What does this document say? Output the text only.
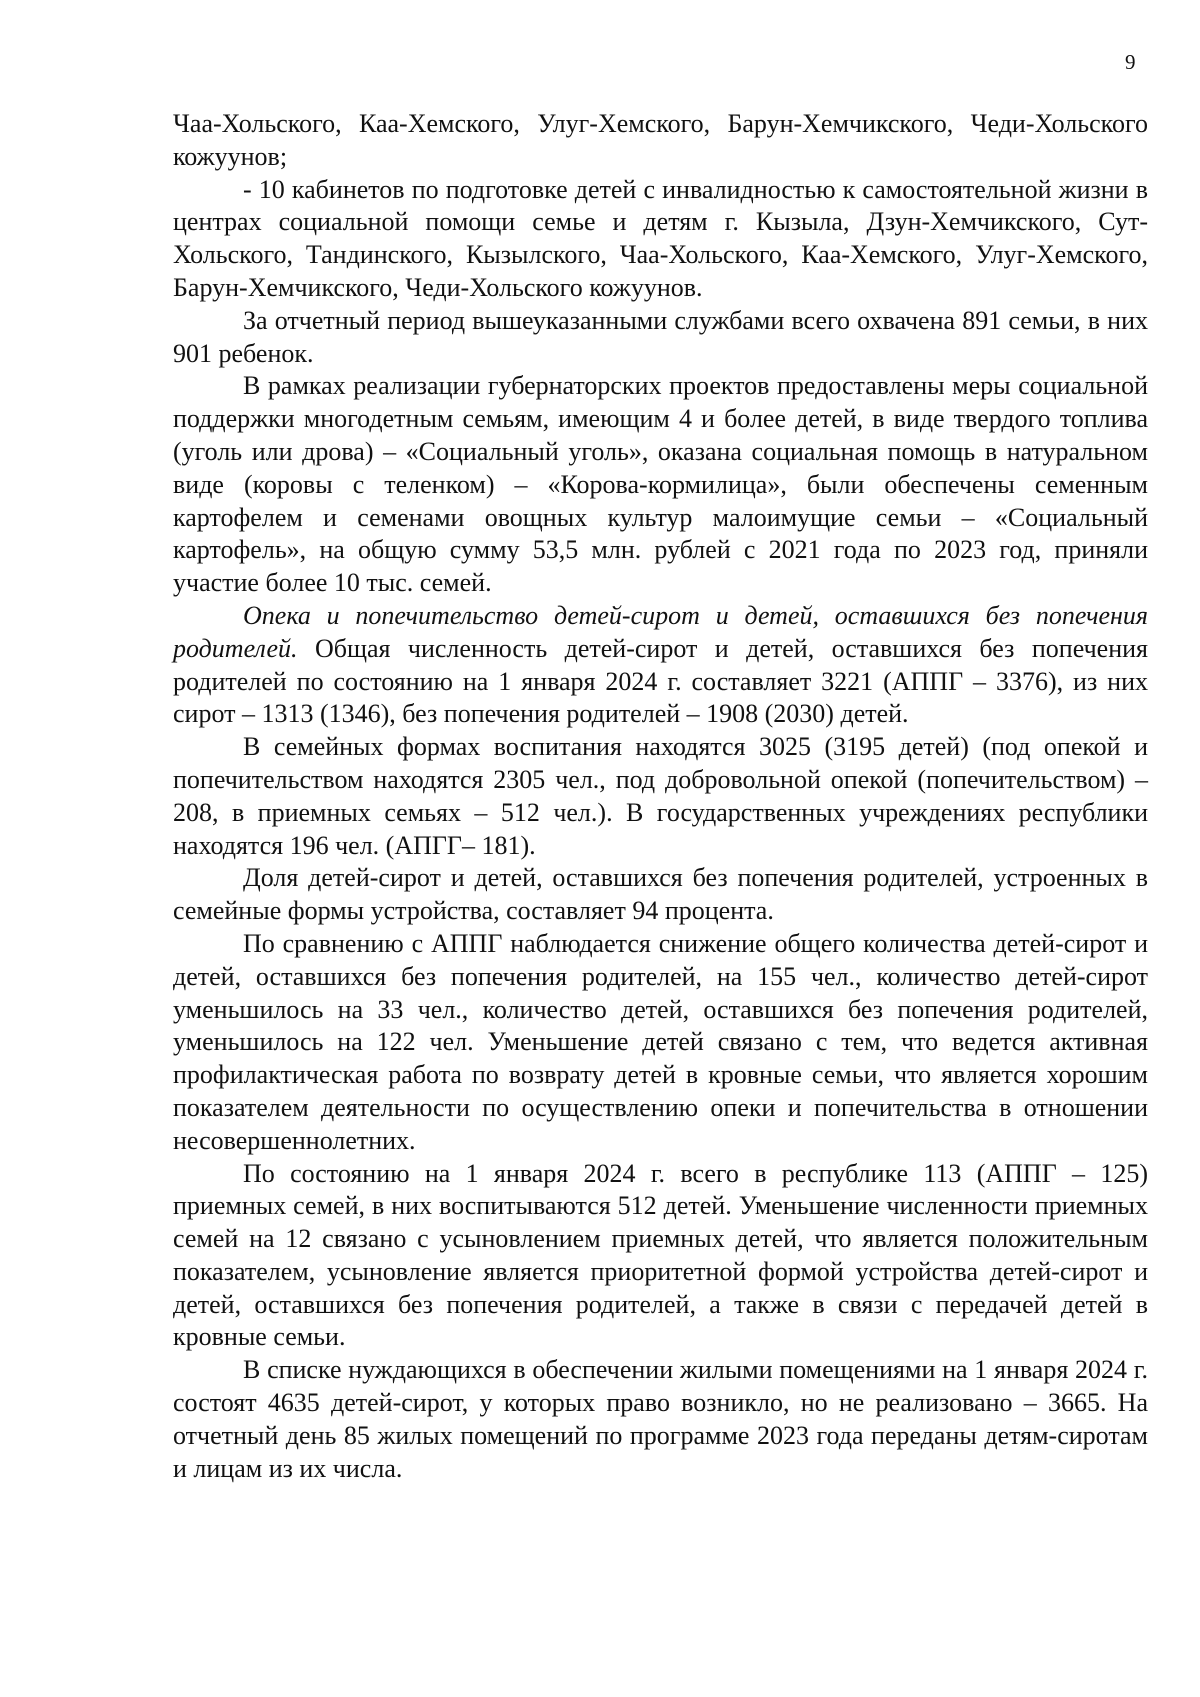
9

Чаа-Хольского, Каа-Хемского, Улуг-Хемского, Барун-Хемчикского, Чеди-Хольского кожуунов;

- 10 кабинетов по подготовке детей с инвалидностью к самостоятельной жизни в центрах социальной помощи семье и детям г. Кызыла, Дзун-Хемчикского, Сут-Хольского, Тандинского, Кызылского, Чаа-Хольского, Каа-Хемского, Улуг-Хемского, Барун-Хемчикского, Чеди-Хольского кожуунов.

За отчетный период вышеуказанными службами всего охвачена 891 семьи, в них 901 ребенок.

В рамках реализации губернаторских проектов предоставлены меры социальной поддержки многодетным семьям, имеющим 4 и более детей, в виде твердого топлива (уголь или дрова) – «Социальный уголь», оказана социальная помощь в натуральном виде (коровы с теленком) – «Корова-кормилица», были обеспечены семенным картофелем и семенами овощных культур малоимущие семьи – «Социальный картофель», на общую сумму 53,5 млн. рублей с 2021 года по 2023 год, приняли участие более 10 тыс. семей.

Опека и попечительство детей-сирот и детей, оставшихся без попечения родителей. Общая численность детей-сирот и детей, оставшихся без попечения родителей по состоянию на 1 января 2024 г. составляет 3221 (АППГ – 3376), из них сирот – 1313 (1346), без попечения родителей – 1908 (2030) детей.

В семейных формах воспитания находятся 3025 (3195 детей) (под опекой и попечительством находятся 2305 чел., под добровольной опекой (попечительством) – 208, в приемных семьях – 512 чел.). В государственных учреждениях республики находятся 196 чел. (АПГГ– 181).

Доля детей-сирот и детей, оставшихся без попечения родителей, устроенных в семейные формы устройства, составляет 94 процента.

По сравнению с АППГ наблюдается снижение общего количества детей-сирот и детей, оставшихся без попечения родителей, на 155 чел., количество детей-сирот уменьшилось на 33 чел., количество детей, оставшихся без попечения родителей, уменьшилось на 122 чел. Уменьшение детей связано с тем, что ведется активная профилактическая работа по возврату детей в кровные семьи, что является хорошим показателем деятельности по осуществлению опеки и попечительства в отношении несовершеннолетних.

По состоянию на 1 января 2024 г. всего в республике 113 (АППГ – 125) приемных семей, в них воспитываются 512 детей. Уменьшение численности приемных семей на 12 связано с усыновлением приемных детей, что является положительным показателем, усыновление является приоритетной формой устройства детей-сирот и детей, оставшихся без попечения родителей, а также в связи с передачей детей в кровные семьи.

В списке нуждающихся в обеспечении жилыми помещениями на 1 января 2024 г. состоят 4635 детей-сирот, у которых право возникло, но не реализовано – 3665. На отчетный день 85 жилых помещений по программе 2023 года переданы детям-сиротам и лицам из их числа.
